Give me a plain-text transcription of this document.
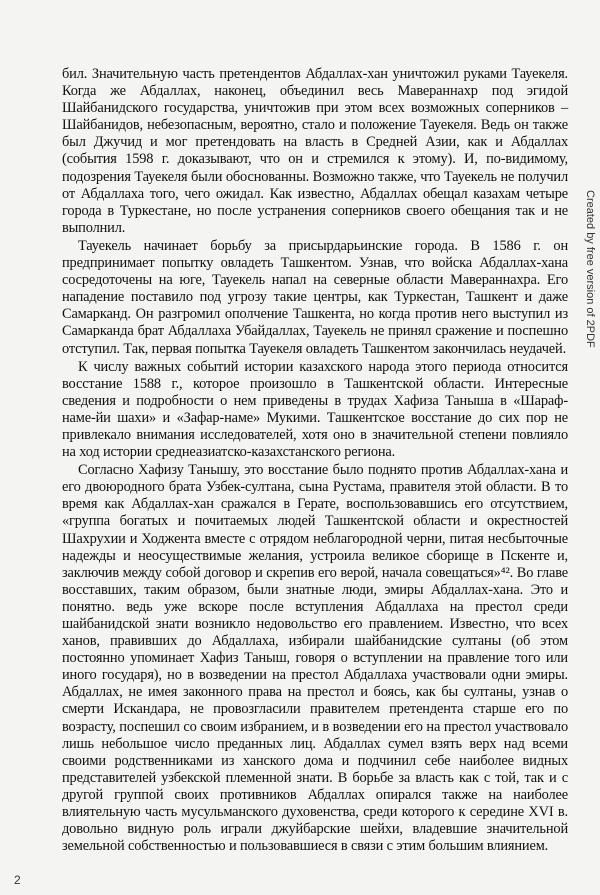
бил. Значительную часть претендентов Абдаллах-хан уничтожил руками Тауекеля. Когда же Абдаллах, наконец, объединил весь Мавераннахр под эгидой Шайбанидского государства, уничтожив при этом всех возможных соперников – Шайбанидов, небезопасным, вероятно, стало и положение Тауекеля. Ведь он также был Джучид и мог претендовать на власть в Средней Азии, как и Абдаллах (события 1598 г. доказывают, что он и стремился к этому). И, по-видимому, подозрения Тауекеля были обоснованны. Возможно также, что Тауекель не получил от Абдаллаха того, чего ожидал. Как известно, Абдаллах обещал казахам четыре города в Туркестане, но после устранения соперников своего обещания так и не выполнил.

Тауекель начинает борьбу за присырдарьинские города. В 1586 г. он предпринимает попытку овладеть Ташкентом. Узнав, что войска Абдаллах-хана сосредоточены на юге, Тауекель напал на северные области Мавераннахра. Его нападение поставило под угрозу такие центры, как Туркестан, Ташкент и даже Самарканд. Он разгромил ополчение Ташкента, но когда против него выступил из Самарканда брат Абдаллаха Убайдаллах, Тауекель не принял сражение и поспешно отступил. Так, первая попытка Тауекеля овладеть Ташкентом закончилась неудачей.

К числу важных событий истории казахского народа этого периода относится восстание 1588 г., которое произошло в Ташкентской области. Интересные сведения и подробности о нем приведены в трудах Хафиза Таныша в «Шараф-наме-йи шахи» и «Зафар-наме» Мукими. Ташкентское восстание до сих пор не привлекало внимания исследователей, хотя оно в значительной степени повлияло на ход истории среднеазиатско-казахстанского региона.

Согласно Хафизу Танышу, это восстание было поднято против Абдаллах-хана и его двоюродного брата Узбек-султана, сына Рустама, правителя этой области. В то время как Абдаллах-хан сражался в Герате, воспользовавшись его отсутствием, «группа богатых и почитаемых людей Ташкентской области и окрестностей Шахрухии и Ходжента вместе с отрядом неблагородной черни, питая несбыточные надежды и неосуществимые желания, устроила великое сборище в Пскенте и, заключив между собой договор и скрепив его верой, начала совещаться»⁴². Во главе восставших, таким образом, были знатные люди, эмиры Абдаллах-хана. Это и понятно. ведь уже вскоре после вступления Абдаллаха на престол среди шайбанидской знати возникло недовольство его правлением. Известно, что всех ханов, правивших до Абдаллаха, избирали шайбанидские султаны (об этом постоянно упоминает Хафиз Таныш, говоря о вступлении на правление того или иного государя), но в возведении на престол Абдаллаха участвовали одни эмиры. Абдаллах, не имея законного права на престол и боясь, как бы султаны, узнав о смерти Искандара, не провозгласили правителем претендента старше его по возрасту, поспешил со своим избранием, и в возведении его на престол участвовало лишь небольшое число преданных лиц. Абдаллах сумел взять верх над всеми своими родственниками из ханского дома и подчинил себе наиболее видных представителей узбекской племенной знати. В борьбе за власть как с той, так и с другой группой своих противников Абдаллах опирался также на наиболее влиятельную часть мусульманского духовенства, среди которого к середине XVI в. довольно видную роль играли джуйбарские шейхи, владевшие значительной земельной собственностью и пользовавшиеся в связи с этим большим влиянием.

Created by free version of 2PDF
2
